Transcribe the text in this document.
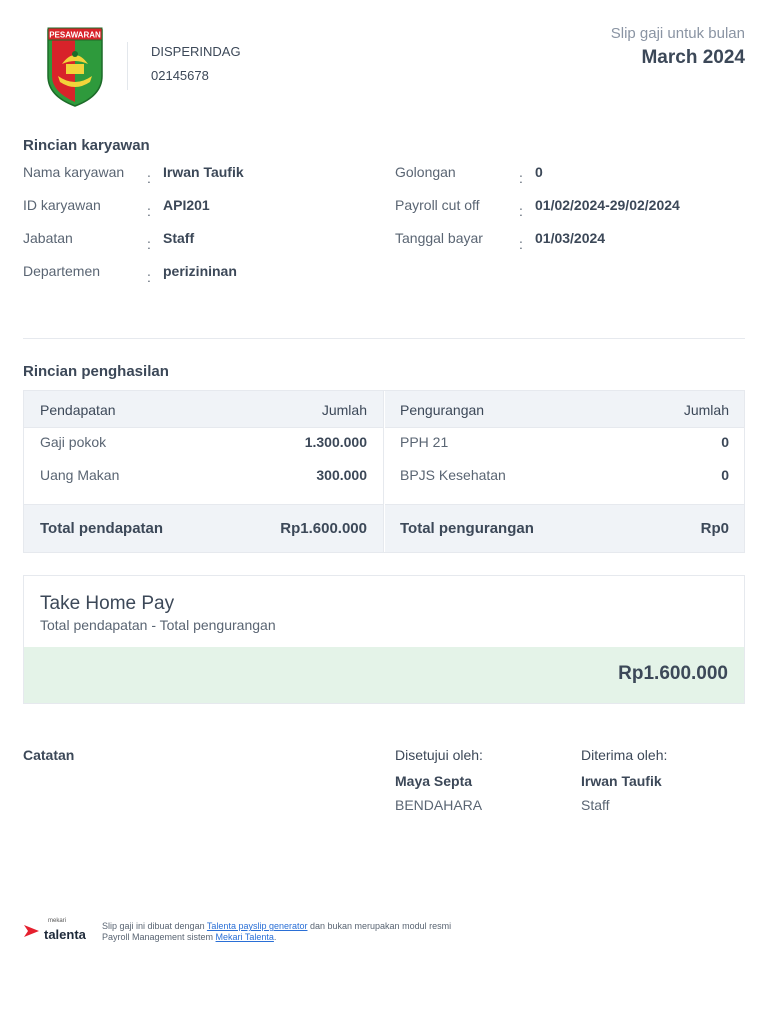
PESAWARAN
DISPERINDAG
02145678
Slip gaji untuk bulan
March 2024
Rincian karyawan
Nama karyawan : Irwan Taufik
ID karyawan	: API201
Jabatan	: Staff
Departemen	: perizininan
Golongan	: 0
Payroll cut off	: 01/02/2024-29/02/2024
Tanggal bayar	: 01/03/2024
Rincian penghasilan
Pendapatan	Jumlah
Gaji pokok	1.300.000
Uang Makan	300.000
Total pendapatan	Rp1.600.000
Pengurangan	Jumlah
PPH 21	0
BPJS Kesehatan	0
Total pengurangan	Rp0
Take Home Pay
Total pendapatan - Total pengurangan
Rp1.600.000
Catatan	Disetujui oleh:
Maya Septa
BENDAHARA
Diterima oleh:
Irwan Taufik
Staff
mekari
talenta
Slip gaji ini dibuat dengan Talenta payslip generator dan bukan merupakan modul resmi Payroll Management sistem Mekari Talenta.
